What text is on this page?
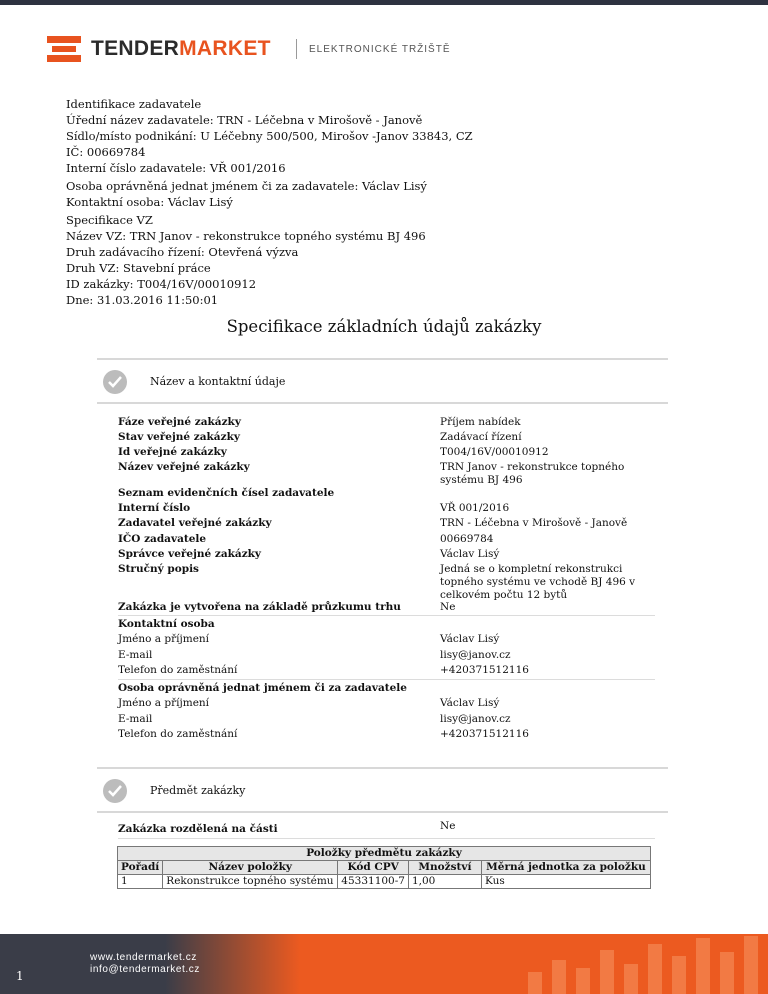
TENDERMARKET	ELEKTRONICKÉ TRŽIŠTĚ
Identifikace zadavatele
Úřední název zadavatele: TRN - Léčebna v Mirošově - Janově
Sídlo/místo podnikání: U Léčebny 500/500, Mirošov -Janov 33843, CZ
IČ: 00669784
Interní číslo zadavatele: VŘ 001/2016
Osoba oprávněná jednat jménem či za zadavatele: Václav Lisý
Kontaktní osoba: Václav Lisý
Specifikace VZ
Název VZ: TRN Janov - rekonstrukce topného systému BJ 496
Druh zadávacího řízení: Otevřená výzva
Druh VZ: Stavební práce
ID zakázky: T004/16V/00010912
Dne: 31.03.2016 11:50:01
Specifikace základních údajů zakázky
Název a kontaktní údaje
Fáze veřejné zakázky	Příjem nabídek
Stav veřejné zakázky	Zadávací řízení
Id veřejné zakázky	T004/16V/00010912
Název veřejné zakázky	TRN Janov - rekonstrukce topného systému BJ 496
Seznam evidenčních čísel zadavatele
Interní číslo	VŘ 001/2016
Zadavatel veřejné zakázky	TRN - Léčebna v Mirošově - Janově
IČO zadavatele	00669784
Správce veřejné zakázky	Václav Lisý
Stručný popis	Jedná se o kompletní rekonstrukci topného systému ve vchodě BJ 496 v celkovém počtu 12 bytů
Zakázka je vytvořena na základě průzkumu trhu	Ne
Kontaktní osoba
Jméno a příjmení	Václav Lisý
E-mail	lisy@janov.cz
Telefon do zaměstnání	+420371512116
Osoba oprávněná jednat jménem či za zadavatele
Jméno a příjmení	Václav Lisý
E-mail	lisy@janov.cz
Telefon do zaměstnání	+420371512116
Předmět zakázky
Zakázka rozdělená na části	Ne
Položky předmětu zakázky				
Pořadí	Název položky	Kód CPV	Množství	Měrná jednotka za položku
1	Rekonstrukce topného systému	45331100-7	1,00	Kus
1
www.tendermarket.cz
info@tendermarket.cz
